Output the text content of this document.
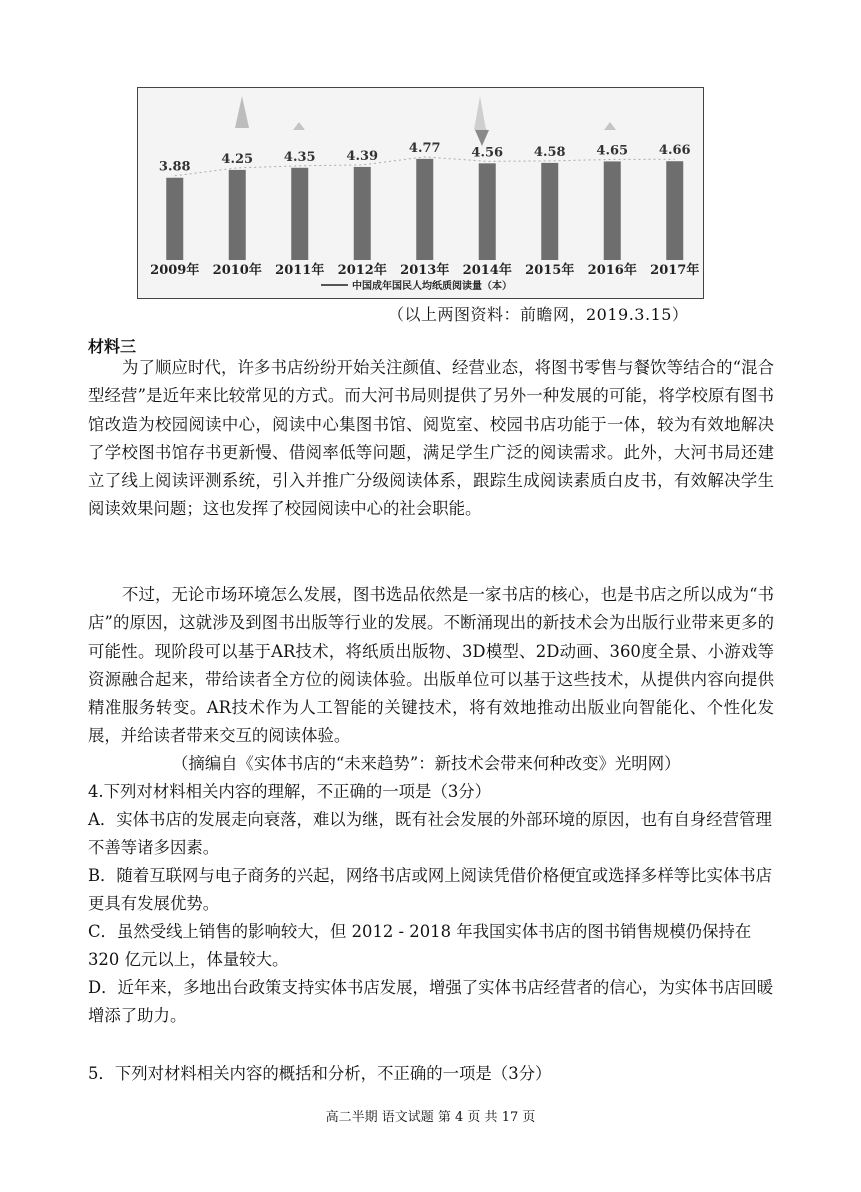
3.88
2009年
4.25
2010年
4.35
2011年
4.39
2012年
4.77
2013年
4.56
2014年
4.58
2015年
4.65
2016年
4.66
2017年
中国成年国民人均纸质阅读量（本）
（以上两图资料：前瞻网，2019.3.15）
材料三

为了顺应时代，许多书店纷纷开始关注颜值、经营业态，将图书零售与餐饮等结合的“混合型经营”是近年来比较常见的方式。而大河书局则提供了另外一种发展的可能，将学校原有图书馆改造为校园阅读中心，阅读中心集图书馆、阅览室、校园书店功能于一体，较为有效地解决了学校图书馆存书更新慢、借阅率低等问题，满足学生广泛的阅读需求。此外，大河书局还建立了线上阅读评测系统，引入并推广分级阅读体系，跟踪生成阅读素质白皮书，有效解决学生阅读效果问题；这也发挥了校园阅读中心的社会职能。

不过，无论市场环境怎么发展，图书选品依然是一家书店的核心，也是书店之所以成为“书店”的原因，这就涉及到图书出版等行业的发展。不断涌现出的新技术会为出版行业带来更多的可能性。现阶段可以基于AR技术，将纸质出版物、3D模型、2D动画、360度全景、小游戏等资源融合起来，带给读者全方位的阅读体验。出版单位可以基于这些技术，从提供内容向提供精准服务转变。AR技术作为人工智能的关键技术，将有效地推动出版业向智能化、个性化发展，并给读者带来交互的阅读体验。

（摘编自《实体书店的“未来趋势”：新技术会带来何种改变》光明网）

4.下列对材料相关内容的理解，不正确的一项是（3分）

A．实体书店的发展走向衰落，难以为继，既有社会发展的外部环境的原因，也有自身经营管理不善等诸多因素。

B．随着互联网与电子商务的兴起，网络书店或网上阅读凭借价格便宜或选择多样等比实体书店更具有发展优势。

C．虽然受线上销售的影响较大，但 2012 - 2018 年我国实体书店的图书销售规模仍保持在 320 亿元以上，体量较大。

D．近年来，多地出台政策支持实体书店发展，增强了实体书店经营者的信心，为实体书店回暖增添了助力。

5．下列对材料相关内容的概括和分析，不正确的一项是（3分）

高二半期 语文试题 第 4 页 共 17 页
